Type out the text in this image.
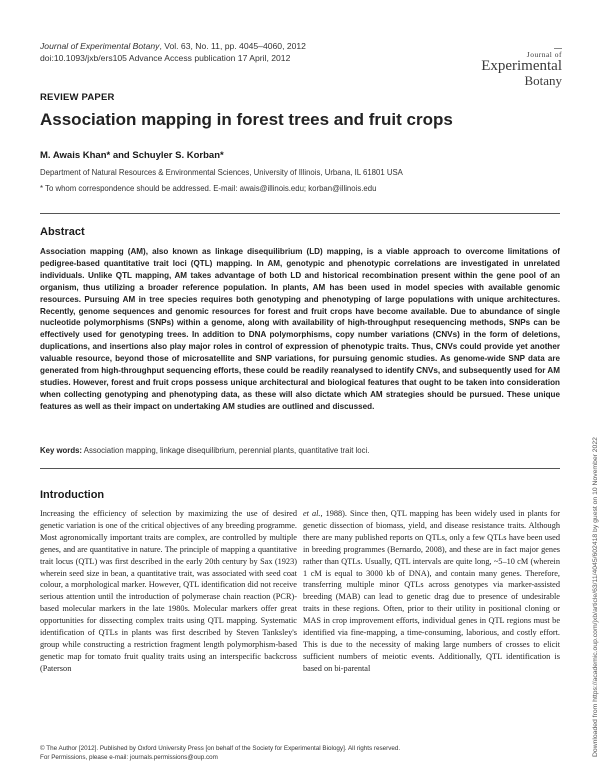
Journal of Experimental Botany, Vol. 63, No. 11, pp. 4045–4060, 2012
doi:10.1093/jxb/ers105 Advance Access publication 17 April, 2012	Journal of
Experimental
Botany
REVIEW PAPER
Association mapping in forest trees and fruit crops
M. Awais Khan* and Schuyler S. Korban*
Department of Natural Resources & Environmental Sciences, University of Illinois, Urbana, IL 61801 USA
* To whom correspondence should be addressed. E-mail: awais@illinois.edu; korban@illinois.edu
Abstract
Association mapping (AM), also known as linkage disequilibrium (LD) mapping, is a viable approach to overcome limitations of pedigree-based quantitative trait loci (QTL) mapping. In AM, genotypic and phenotypic correlations are investigated in unrelated individuals. Unlike QTL mapping, AM takes advantage of both LD and historical recombination present within the gene pool of an organism, thus utilizing a broader reference population. In plants, AM has been used in model species with available genomic resources. Pursuing AM in tree species requires both genotyping and phenotyping of large populations with unique architectures. Recently, genome sequences and genomic resources for forest and fruit crops have become available. Due to abundance of single nucleotide polymorphisms (SNPs) within a genome, along with availability of high-throughput resequencing methods, SNPs can be effectively used for genotyping trees. In addition to DNA polymorphisms, copy number variations (CNVs) in the form of deletions, duplications, and insertions also play major roles in control of expression of phenotypic traits. Thus, CNVs could provide yet another valuable resource, beyond those of microsatellite and SNP variations, for pursuing genomic studies. As genome-wide SNP data are generated from high-throughput sequencing efforts, these could be readily reanalysed to identify CNVs, and subsequently used for AM studies. However, forest and fruit crops possess unique architectural and biological features that ought to be taken into consideration when collecting genotyping and phenotyping data, as these will also dictate which AM strategies should be pursued. These unique features as well as their impact on undertaking AM studies are outlined and discussed.
Key words: Association mapping, linkage disequilibrium, perennial plants, quantitative trait loci.
Introduction
Increasing the efficiency of selection by maximizing the use of desired genetic variation is one of the critical objectives of any breeding programme. Most agronomically important traits are complex, are controlled by multiple genes, and are quantitative in nature. The principle of mapping a quantitative trait locus (QTL) was first described in the early 20th century by Sax (1923) wherein seed size in bean, a quantitative trait, was associated with seed coat colour, a morphological marker. However, QTL identification did not receive serious attention until the introduction of polymerase chain reaction (PCR)-based molecular markers in the late 1980s. Molecular markers offer great opportunities for dissecting complex traits using QTL mapping. Systematic identification of QTLs in plants was first described by Steven Tanksley's group while constructing a restriction fragment length polymorphism-based genetic map for tomato fruit quality traits using an interspecific backcross (Paterson
et al., 1988). Since then, QTL mapping has been widely used in plants for genetic dissection of biomass, yield, and disease resistance traits. Although there are many published reports on QTLs, only a few QTLs have been used in breeding programmes (Bernardo, 2008), and these are in fact major genes rather than QTLs. Usually, QTL intervals are quite long, ~5–10 cM (wherein 1 cM is equal to 3000 kb of DNA), and contain many genes. Therefore, transferring multiple minor QTLs across genotypes via marker-assisted breeding (MAB) can lead to genetic drag due to presence of undesirable traits in these regions. Often, prior to their utility in positional cloning or MAS in crop improvement efforts, individual genes in QTL regions must be identified via fine-mapping, a time-consuming, laborious, and costly effort. This is due to the necessity of making large numbers of crosses to elicit sufficient numbers of meiotic events. Additionally, QTL identification is based on bi-parental
© The Author [2012]. Published by Oxford University Press [on behalf of the Society for Experimental Biology]. All rights reserved.
For Permissions, please e-mail: journals.permissions@oup.com
Downloaded from https://academic.oup.com/jxb/article/63/11/4045/602418 by guest on 10 November 2022
